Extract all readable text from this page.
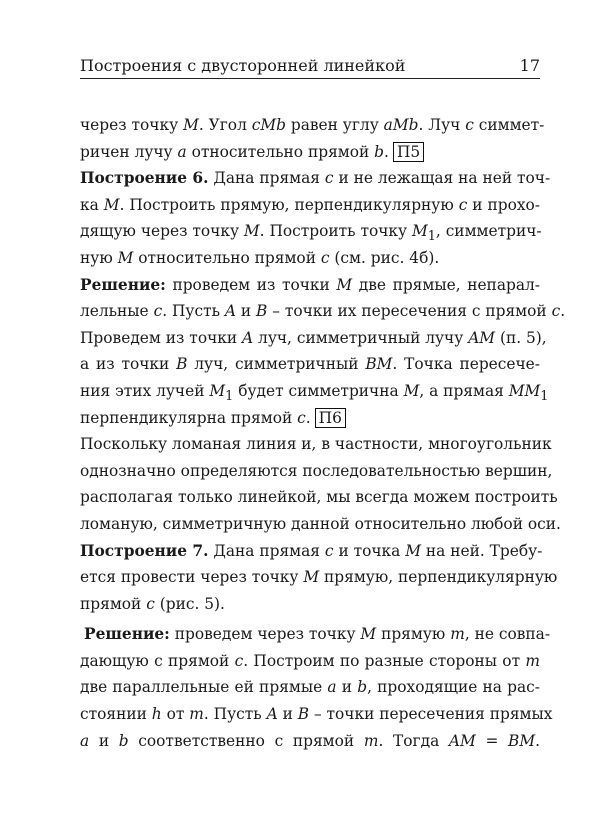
Построения с двусторонней линейкой	17
через точку M. Угол cMb равен углу aMb. Луч c симмет-
ричен лучу a относительно прямой b. П5
Построение 6. Дана прямая c и не лежащая на ней точ-
ка M. Построить прямую, перпендикулярную c и прохо-
дящую через точку M. Построить точку $M_1$, симметрич-
ную M относительно прямой c (см. рис. 4б).
Решение: проведем из точки M две прямые, непарал-
лельные c. Пусть A и B – точки их пересечения с прямой c.
Проведем из точки A луч, симметричный лучу AM (п. 5),
а из точки B луч, симметричный BM. Точка пересече-
ния этих лучей $M_1$ будет симметрична M, а прямая $MM_1$
перпендикулярна прямой c. П6
Поскольку ломаная линия и, в частности, многоугольник
однозначно определяются последовательностью вершин,
располагая только линейкой, мы всегда можем построить
ломаную, симметричную данной относительно любой оси.
Построение 7. Дана прямая c и точка M на ней. Требу-
ется провести через точку M прямую, перпендикулярную
прямой c (рис. 5).
Решение: проведем через точку M прямую m, не совпа-
дающую с прямой c. Построим по разные стороны от m
две параллельные ей прямые a и b, проходящие на рас-
стоянии h от m. Пусть A и B – точки пересечения прямых
a и b соответственно с прямой m. Тогда AM = BM.
